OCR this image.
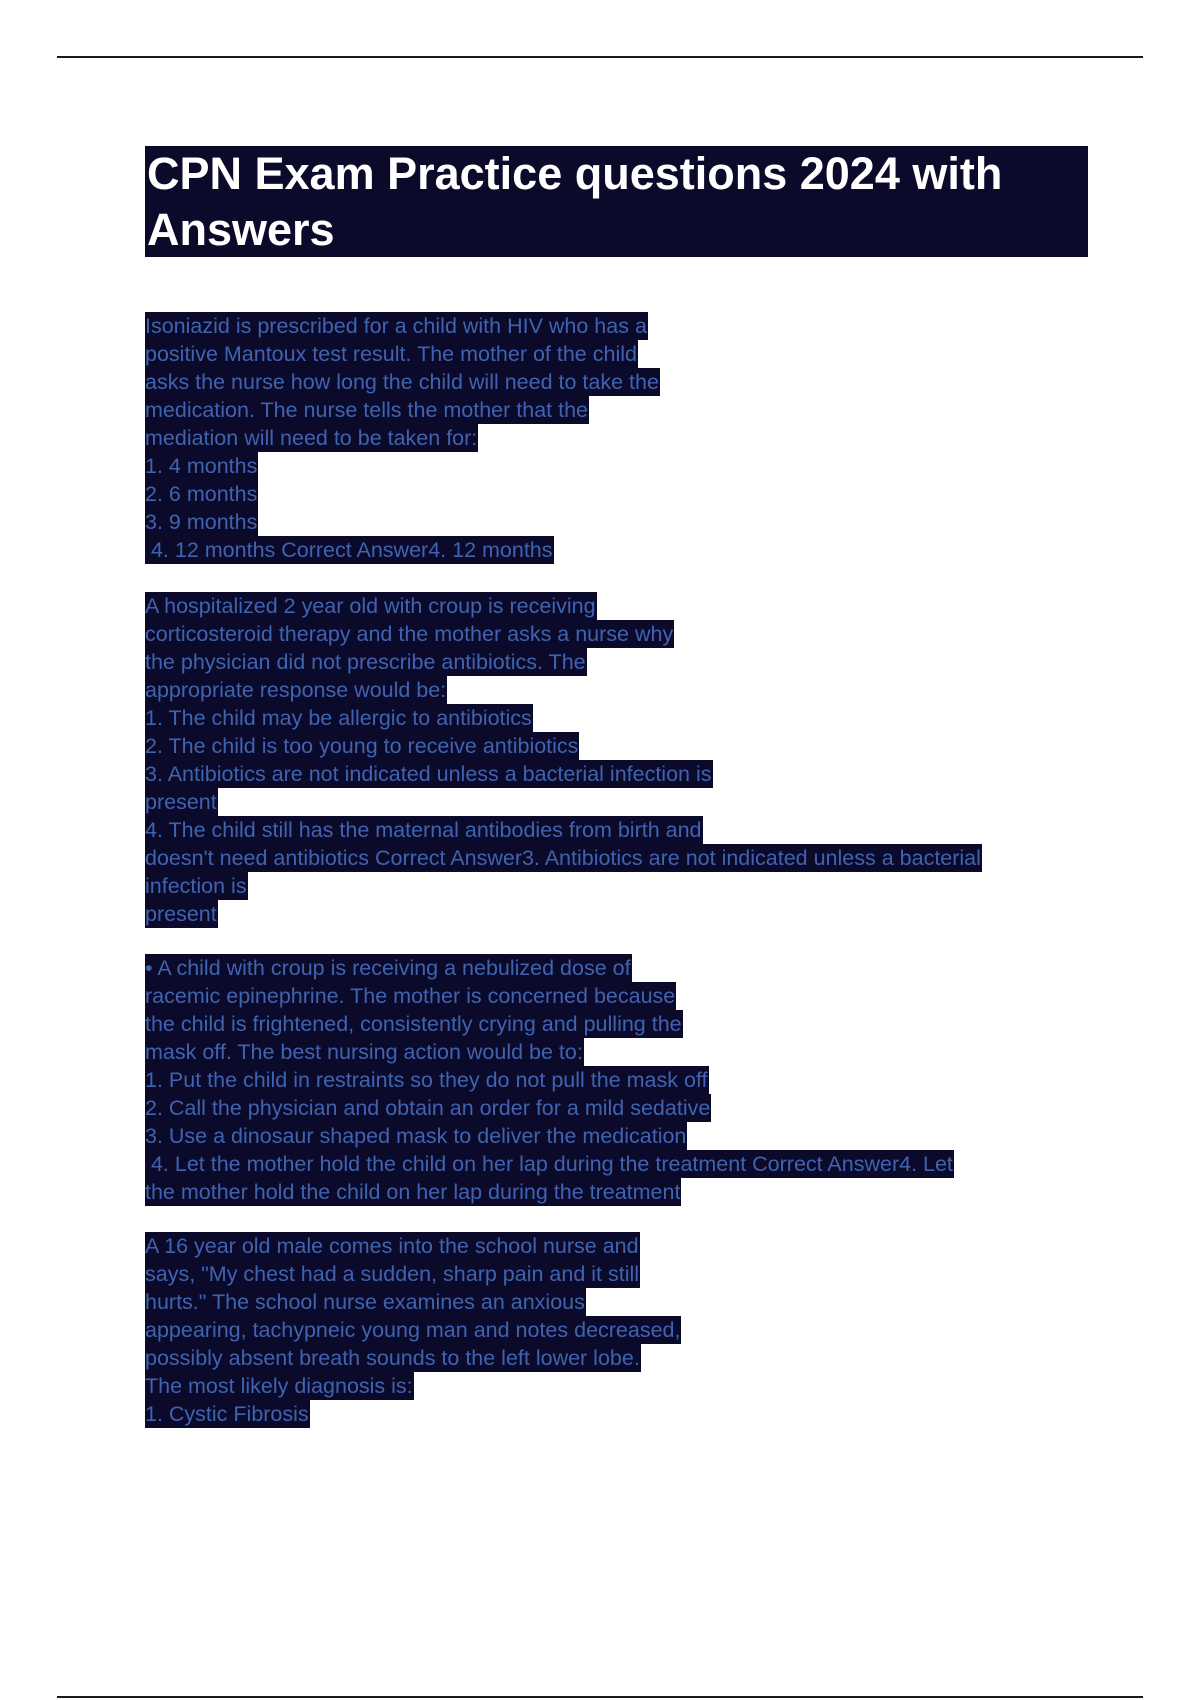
CPN Exam Practice questions 2024 with
Answers
Isoniazid is prescribed for a child with HIV who has a
positive Mantoux test result. The mother of the child
asks the nurse how long the child will need to take the
medication. The nurse tells the mother that the
mediation will need to be taken for:
1. 4 months
2. 6 months
3. 9 months
4. 12 months Correct Answer4. 12 months
A hospitalized 2 year old with croup is receiving
corticosteroid therapy and the mother asks a nurse why
the physician did not prescribe antibiotics. The
appropriate response would be:
1. The child may be allergic to antibiotics
2. The child is too young to receive antibiotics
3. Antibiotics are not indicated unless a bacterial infection is
present
4. The child still has the maternal antibodies from birth and
doesn't need antibiotics Correct Answer3. Antibiotics are not indicated unless a bacterial
infection is
present
• A child with croup is receiving a nebulized dose of
racemic epinephrine. The mother is concerned because
the child is frightened, consistently crying and pulling the
mask off. The best nursing action would be to:
1. Put the child in restraints so they do not pull the mask off
2. Call the physician and obtain an order for a mild sedative
3. Use a dinosaur shaped mask to deliver the medication
4. Let the mother hold the child on her lap during the treatment Correct Answer4. Let
the mother hold the child on her lap during the treatment
A 16 year old male comes into the school nurse and
says, "My chest had a sudden, sharp pain and it still
hurts." The school nurse examines an anxious
appearing, tachypneic young man and notes decreased,
possibly absent breath sounds to the left lower lobe.
The most likely diagnosis is:
1. Cystic Fibrosis
